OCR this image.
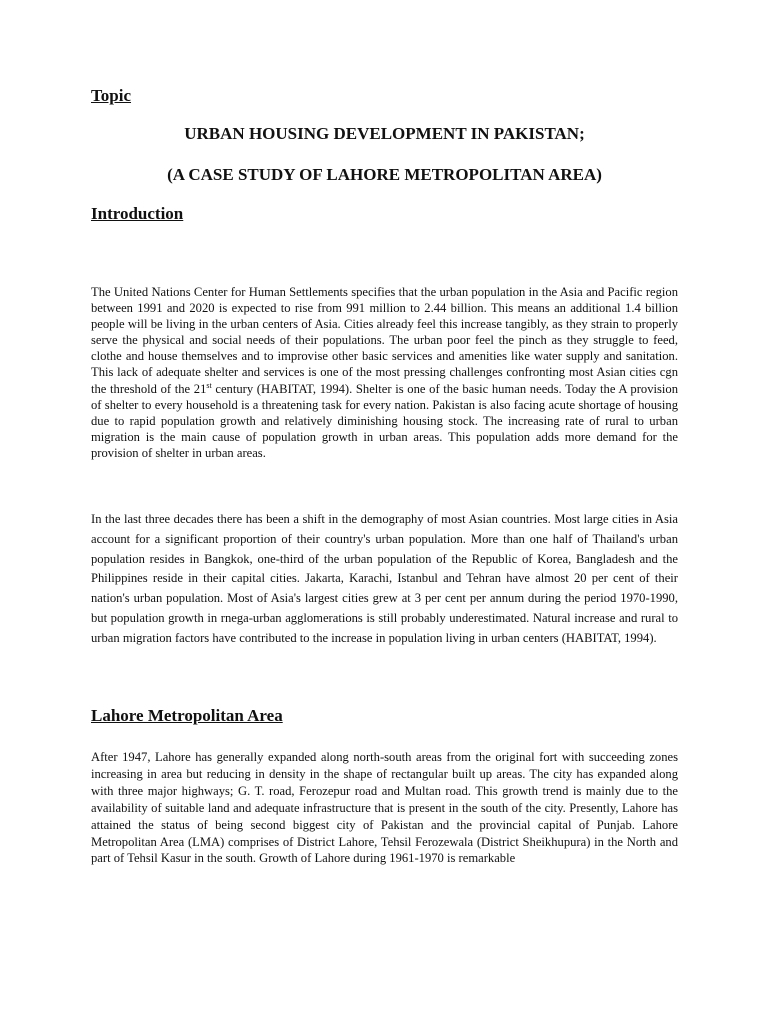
Topic
URBAN HOUSING DEVELOPMENT IN PAKISTAN;
(A CASE STUDY OF LAHORE METROPOLITAN AREA)
Introduction

The United Nations Center for Human Settlements specifies that the urban population in the Asia and Pacific region between 1991 and 2020 is expected to rise from 991 million to 2.44 billion. This means an additional 1.4 billion people will be living in the urban centers of Asia. Cities already feel this increase tangibly, as they strain to properly serve the physical and social needs of their populations. The urban poor feel the pinch as they struggle to feed, clothe and house themselves and to improvise other basic services and amenities like water supply and sanitation. This lack of adequate shelter and services is one of the most pressing challenges confronting most Asian cities cgn the threshold of the 21st century (HABITAT, 1994). Shelter is one of the basic human needs. Today the A provision of shelter to every household is a threatening task for every nation. Pakistan is also facing acute shortage of housing due to rapid population growth and relatively diminishing housing stock. The increasing rate of rural to urban migration is the main cause of population growth in urban areas. This population adds more demand for the provision of shelter in urban areas.

In the last three decades there has been a shift in the demography of most Asian countries. Most large cities in Asia account for a significant proportion of their country's urban population. More than one half of Thailand's urban population resides in Bangkok, one-third of the urban population of the Republic of Korea, Bangladesh and the Philippines reside in their capital cities. Jakarta, Karachi, Istanbul and Tehran have almost 20 per cent of their nation's urban population. Most of Asia's largest cities grew at 3 per cent per annum during the period 1970-1990, but population growth in rnega-urban agglomerations is still probably underestimated. Natural increase and rural to urban migration factors have contributed to the increase in population living in urban centers (HABITAT, 1994).

Lahore Metropolitan Area

After 1947, Lahore has generally expanded along north-south areas from the original fort with succeeding zones increasing in area but reducing in density in the shape of rectangular built up areas. The city has expanded along with three major highways; G. T. road, Ferozepur road and Multan road. This growth trend is mainly due to the availability of suitable land and adequate infrastructure that is present in the south of the city. Presently, Lahore has attained the status of being second biggest city of Pakistan and the provincial capital of Punjab. Lahore Metropolitan Area (LMA) comprises of District Lahore, Tehsil Ferozewala (District Sheikhupura) in the North and part of Tehsil Kasur in the south. Growth of Lahore during 1961-1970 is remarkable
